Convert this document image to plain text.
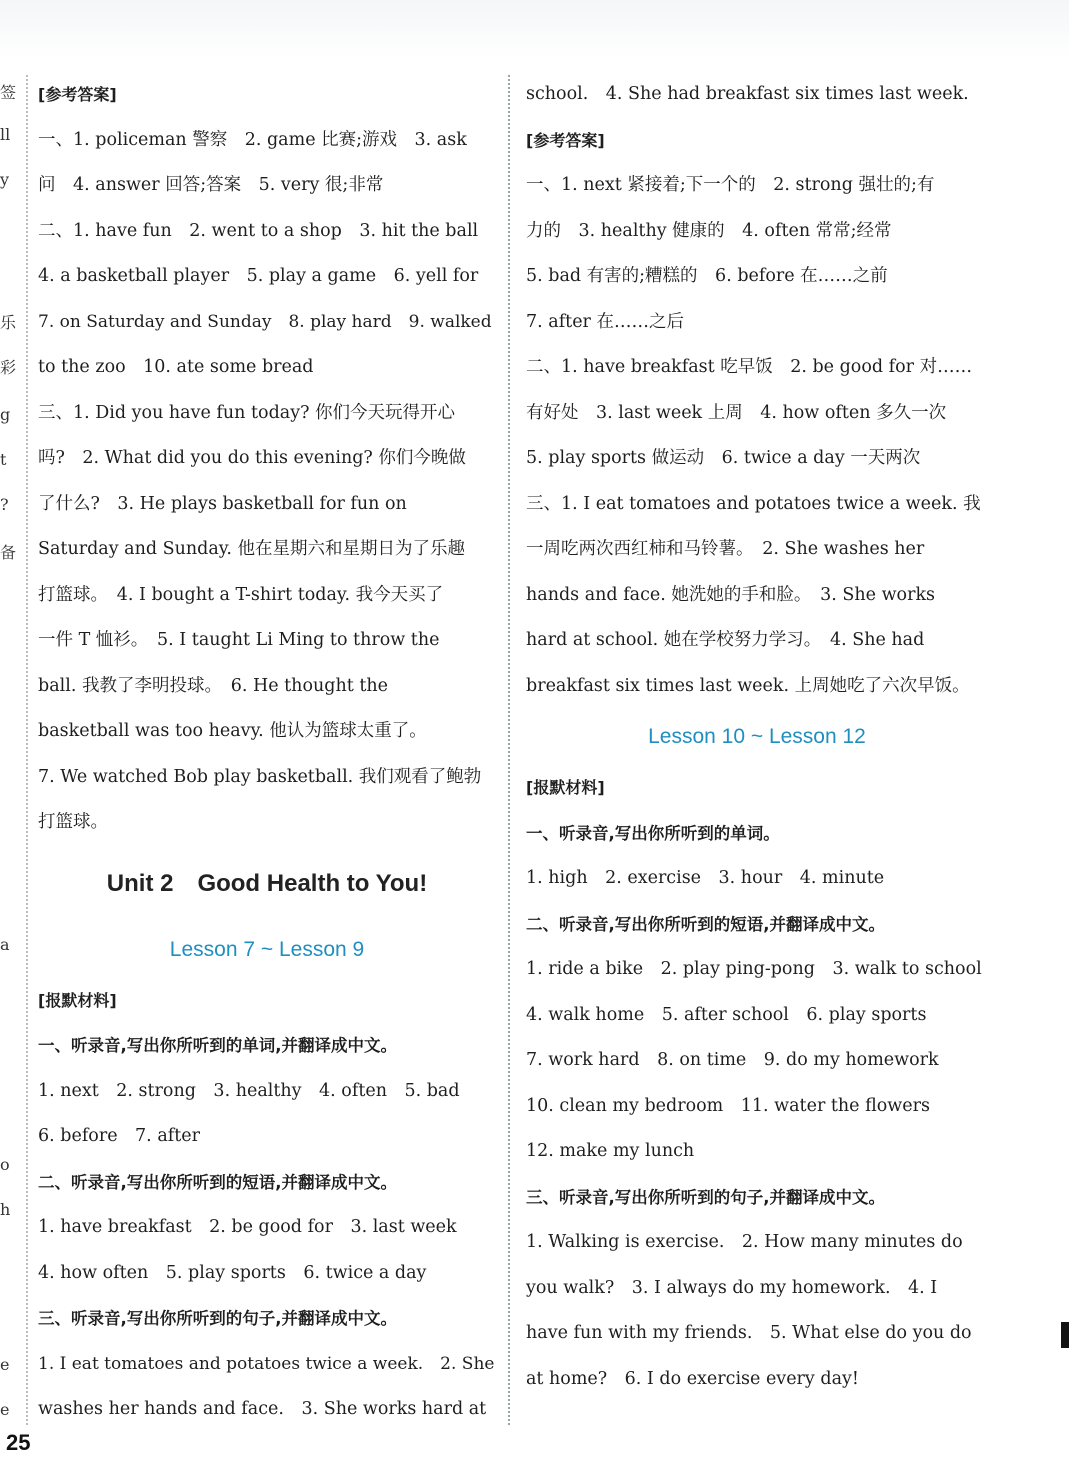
签
ll
y
乐
彩
g
t
?
备
a
o
h
e
e
[参考答案]
一、1. policeman 警察　2. game 比赛;游戏　3. ask
问　4. answer 回答;答案　5. very 很;非常
二、1. have fun　2. went to a shop　3. hit the ball
4. a basketball player　5. play a game　6. yell for
7. on Saturday and Sunday　8. play hard　9. walked
to the zoo　10. ate some bread
三、1. Did you have fun today? 你们今天玩得开心
吗?　2. What did you do this evening? 你们今晚做
了什么?　3. He plays basketball for fun on
Saturday and Sunday. 他在星期六和星期日为了乐趣
打篮球。　4. I bought a T-shirt today. 我今天买了
一件 T 恤衫。　5. I taught Li Ming to throw the
ball. 我教了李明投球。　6. He thought the
basketball was too heavy. 他认为篮球太重了。
7. We watched Bob play basketball. 我们观看了鲍勃
打篮球。
Unit 2　Good Health to You!
Lesson 7 ~ Lesson 9
[报默材料]
一、听录音,写出你所听到的单词,并翻译成中文。
1. next　2. strong　3. healthy　4. often　5. bad
6. before　7. after
二、听录音,写出你所听到的短语,并翻译成中文。
1. have breakfast　2. be good for　3. last week
4. how often　5. play sports　6. twice a day
三、听录音,写出你所听到的句子,并翻译成中文。
1. I eat tomatoes and potatoes twice a week.　2. She
washes her hands and face.　3. She works hard at
school.　4. She had breakfast six times last week.
[参考答案]
一、1. next 紧接着;下一个的　2. strong 强壮的;有
力的　3. healthy 健康的　4. often 常常;经常
5. bad 有害的;糟糕的　6. before 在……之前
7. after 在……之后
二、1. have breakfast 吃早饭　2. be good for 对……
有好处　3. last week 上周　4. how often 多久一次
5. play sports 做运动　6. twice a day 一天两次
三、1. I eat tomatoes and potatoes twice a week. 我
一周吃两次西红柿和马铃薯。　2. She washes her
hands and face. 她洗她的手和脸。　3. She works
hard at school. 她在学校努力学习。　4. She had
breakfast six times last week. 上周她吃了六次早饭。
Lesson 10 ~ Lesson 12
[报默材料]
一、听录音,写出你所听到的单词。
1. high　2. exercise　3. hour　4. minute
二、听录音,写出你所听到的短语,并翻译成中文。
1. ride a bike　2. play ping-pong　3. walk to school
4. walk home　5. after school　6. play sports
7. work hard　8. on time　9. do my homework
10. clean my bedroom　11. water the flowers
12. make my lunch
三、听录音,写出你所听到的句子,并翻译成中文。
1. Walking is exercise.　2. How many minutes do
you walk?　3. I always do my homework.　4. I
have fun with my friends.　5. What else do you do
at home?　6. I do exercise every day!
25
